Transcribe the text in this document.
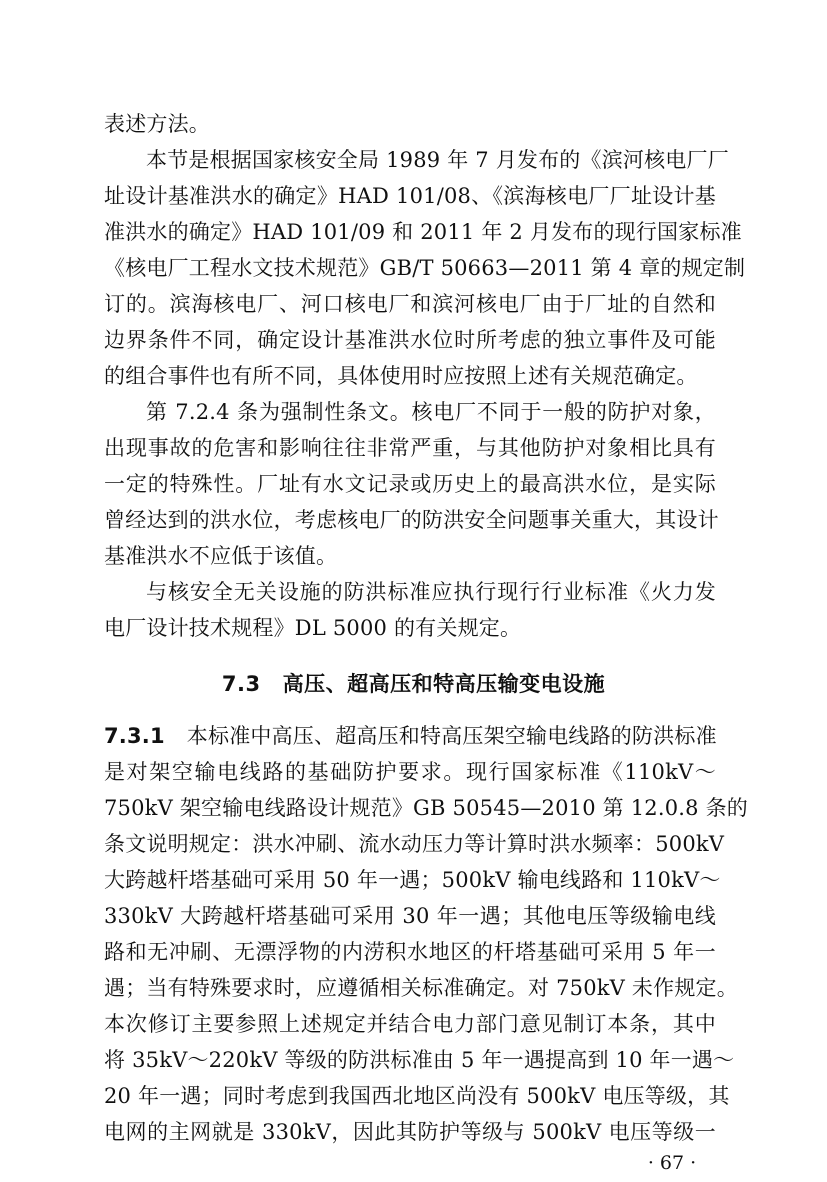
表述方法。
本节是根据国家核安全局 1989 年 7 月发布的《滨河核电厂厂
址设计基准洪水的确定》HAD 101/08、《滨海核电厂厂址设计基
准洪水的确定》HAD 101/09 和 2011 年 2 月发布的现行国家标准
《核电厂工程水文技术规范》GB/T 50663—2011 第 4 章的规定制
订的。滨海核电厂、河口核电厂和滨河核电厂由于厂址的自然和
边界条件不同，确定设计基准洪水位时所考虑的独立事件及可能
的组合事件也有所不同，具体使用时应按照上述有关规范确定。
第 7.2.4 条为强制性条文。核电厂不同于一般的防护对象，
出现事故的危害和影响往往非常严重，与其他防护对象相比具有
一定的特殊性。厂址有水文记录或历史上的最高洪水位，是实际
曾经达到的洪水位，考虑核电厂的防洪安全问题事关重大，其设计
基准洪水不应低于该值。
与核安全无关设施的防洪标准应执行现行行业标准《火力发
电厂设计技术规程》DL 5000 的有关规定。
7.3 高压、超高压和特高压输变电设施
7.3.1 本标准中高压、超高压和特高压架空输电线路的防洪标准
是对架空输电线路的基础防护要求。现行国家标准《110kV～
750kV 架空输电线路设计规范》GB 50545—2010 第 12.0.8 条的
条文说明规定：洪水冲刷、流水动压力等计算时洪水频率：500kV
大跨越杆塔基础可采用 50 年一遇；500kV 输电线路和 110kV～
330kV 大跨越杆塔基础可采用 30 年一遇；其他电压等级输电线
路和无冲刷、无漂浮物的内涝积水地区的杆塔基础可采用 5 年一
遇；当有特殊要求时，应遵循相关标准确定。对 750kV 未作规定。
本次修订主要参照上述规定并结合电力部门意见制订本条，其中
将 35kV～220kV 等级的防洪标准由 5 年一遇提高到 10 年一遇～
20 年一遇；同时考虑到我国西北地区尚没有 500kV 电压等级，其
电网的主网就是 330kV，因此其防护等级与 500kV 电压等级一
· 67 ·
